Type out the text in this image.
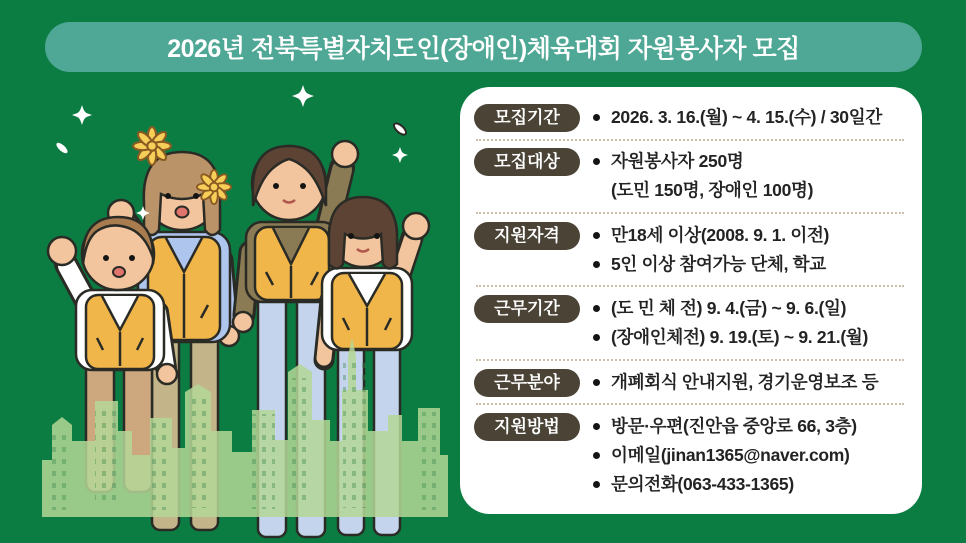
2026년 전북특별자치도인(장애인)체육대회 자원봉사자 모집
모집기간	2026. 3. 16.(월) ~ 4. 15.(수) / 30일간
모집대상	자원봉사자 250명
(도민 150명, 장애인 100명)
지원자격	만18세 이상(2008. 9. 1. 이전)
5인 이상 참여가능 단체, 학교
근무기간	(도 민 체 전) 9. 4.(금) ~ 9. 6.(일)
(장애인체전) 9. 19.(토) ~ 9. 21.(월)
근무분야	개폐회식 안내지원, 경기운영보조 등
지원방법	방문·우편(진안읍 중앙로 66, 3층)
이메일(jinan1365@naver.com)
문의전화(063-433-1365)
